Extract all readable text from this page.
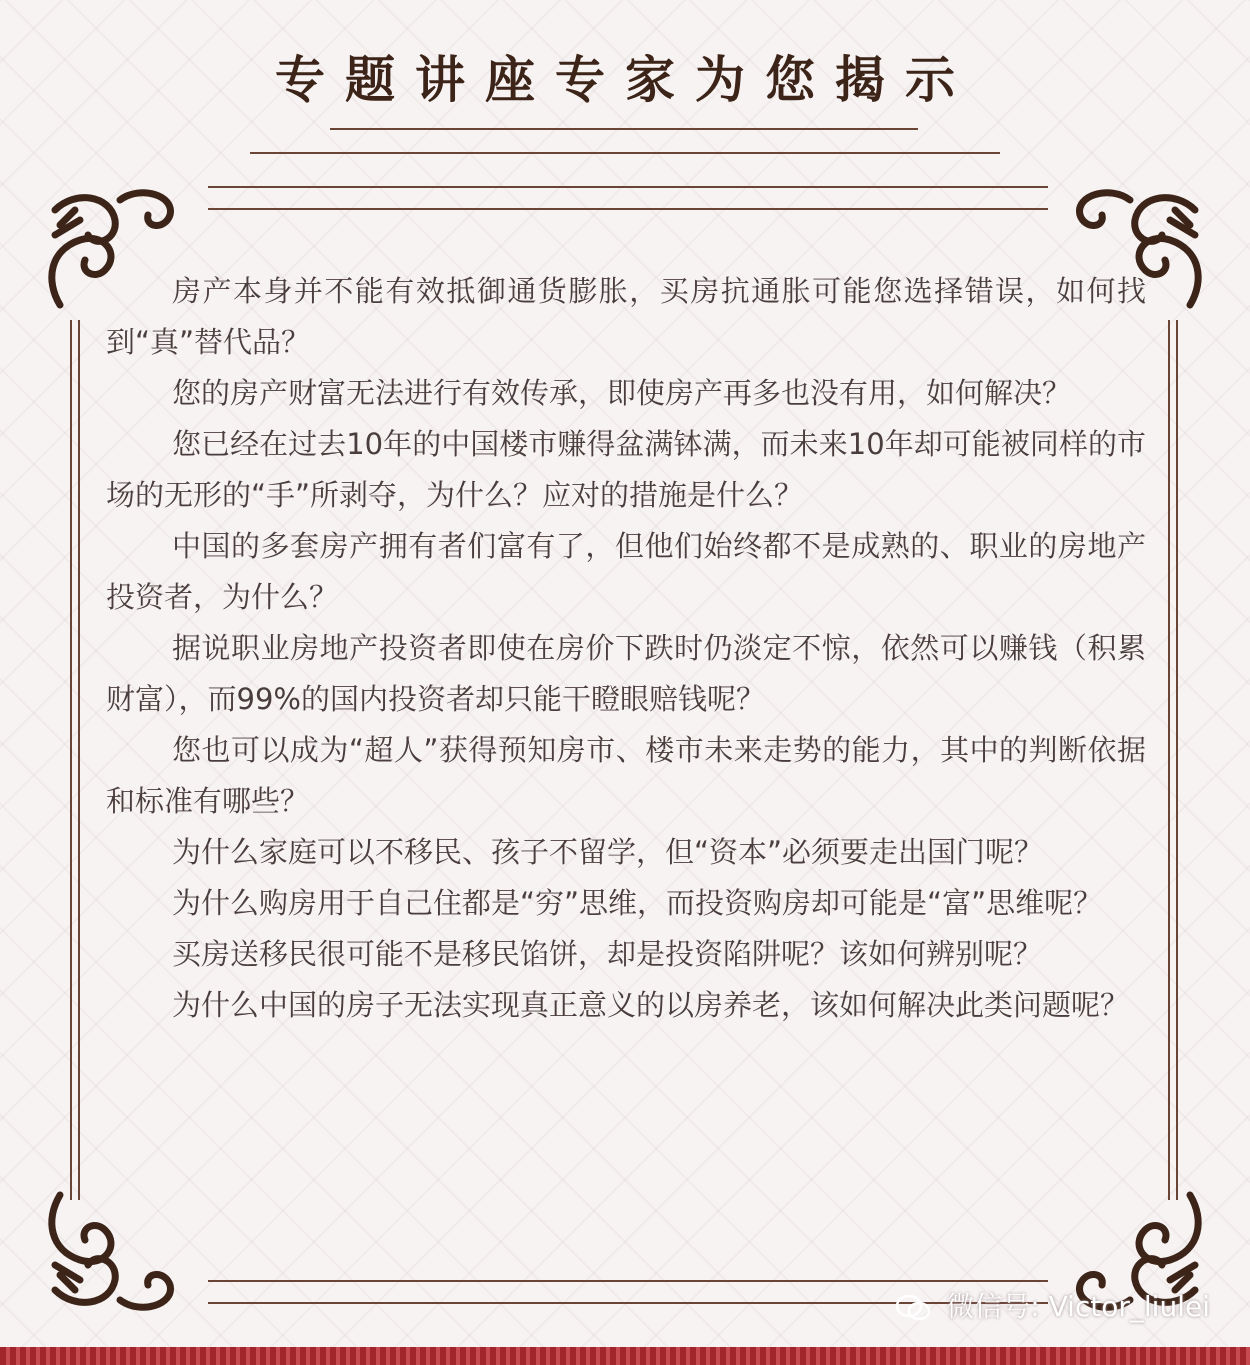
专题讲座专家为您揭示

房产本身并不能有效抵御通货膨胀，买房抗通胀可能您选择错误，如何找到“真”替代品？

您的房产财富无法进行有效传承，即使房产再多也没有用，如何解决？

您已经在过去10年的中国楼市赚得盆满钵满，而未来10年却可能被同样的市场的无形的“手”所剥夺，为什么？应对的措施是什么？

中国的多套房产拥有者们富有了，但他们始终都不是成熟的、职业的房地产投资者，为什么？

据说职业房地产投资者即使在房价下跌时仍淡定不惊，依然可以赚钱（积累财富），而99%的国内投资者却只能干瞪眼赔钱呢？

您也可以成为“超人”获得预知房市、楼市未来走势的能力，其中的判断依据和标准有哪些？

为什么家庭可以不移民、孩子不留学，但“资本”必须要走出国门呢？

为什么购房用于自己住都是“穷”思维，而投资购房却可能是“富”思维呢？

买房送移民很可能不是移民馅饼，却是投资陷阱呢？该如何辨别呢？

为什么中国的房子无法实现真正意义的以房养老，该如何解决此类问题呢？

微信号: Victor_liulei
